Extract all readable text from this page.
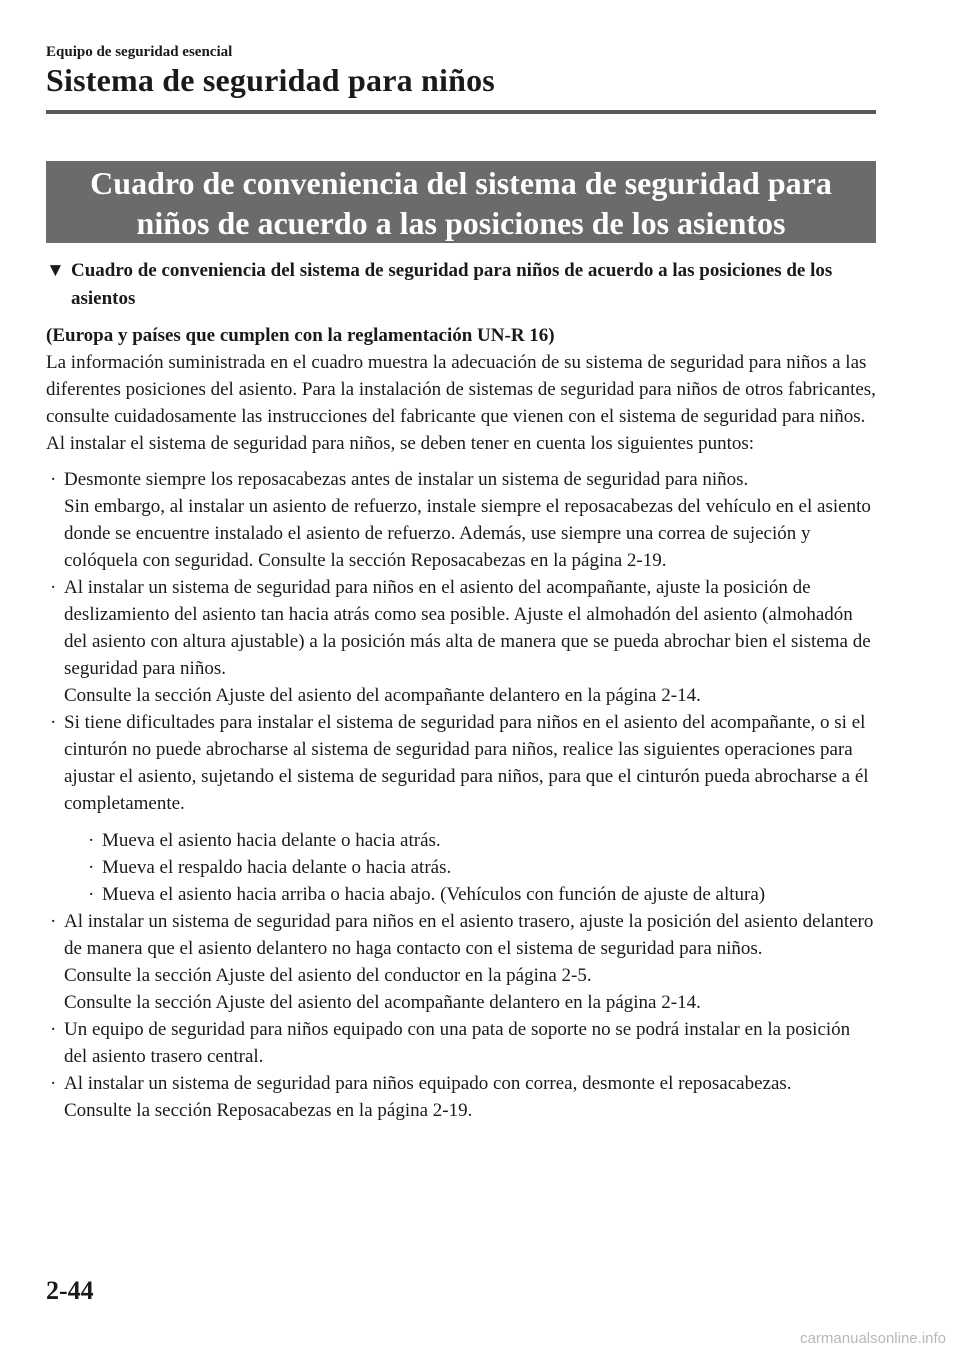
Equipo de seguridad esencial
Sistema de seguridad para niños
Cuadro de conveniencia del sistema de seguridad para
niños de acuerdo a las posiciones de los asientos
▼ Cuadro de conveniencia del sistema de seguridad para niños de acuerdo a las posiciones de los asientos

(Europa y países que cumplen con la reglamentación UN-R 16)

La información suministrada en el cuadro muestra la adecuación de su sistema de seguridad para niños a las diferentes posiciones del asiento. Para la instalación de sistemas de seguridad para niños de otros fabricantes, consulte cuidadosamente las instrucciones del fabricante que vienen con el sistema de seguridad para niños.

Al instalar el sistema de seguridad para niños, se deben tener en cuenta los siguientes puntos:

· Desmonte siempre los reposacabezas antes de instalar un sistema de seguridad para niños.
Sin embargo, al instalar un asiento de refuerzo, instale siempre el reposacabezas del vehículo en el asiento donde se encuentre instalado el asiento de refuerzo. Además, use siempre una correa de sujeción y colóquela con seguridad. Consulte la sección Reposacabezas en la página 2-19.
· Al instalar un sistema de seguridad para niños en el asiento del acompañante, ajuste la posición de deslizamiento del asiento tan hacia atrás como sea posible. Ajuste el almohadón del asiento (almohadón del asiento con altura ajustable) a la posición más alta de manera que se pueda abrochar bien el sistema de seguridad para niños.
Consulte la sección Ajuste del asiento del acompañante delantero en la página 2-14.
· Si tiene dificultades para instalar el sistema de seguridad para niños en el asiento del acompañante, o si el cinturón no puede abrocharse al sistema de seguridad para niños, realice las siguientes operaciones para ajustar el asiento, sujetando el sistema de seguridad para niños, para que el cinturón pueda abrocharse a él completamente.
· Mueva el asiento hacia delante o hacia atrás.
· Mueva el respaldo hacia delante o hacia atrás.
· Mueva el asiento hacia arriba o hacia abajo. (Vehículos con función de ajuste de altura)
· Al instalar un sistema de seguridad para niños en el asiento trasero, ajuste la posición del asiento delantero de manera que el asiento delantero no haga contacto con el sistema de seguridad para niños.
Consulte la sección Ajuste del asiento del conductor en la página 2-5.
Consulte la sección Ajuste del asiento del acompañante delantero en la página 2-14.
· Un equipo de seguridad para niños equipado con una pata de soporte no se podrá instalar en la posición del asiento trasero central.
· Al instalar un sistema de seguridad para niños equipado con correa, desmonte el reposacabezas.
Consulte la sección Reposacabezas en la página 2-19.
2-44
carmanualsonline.info
